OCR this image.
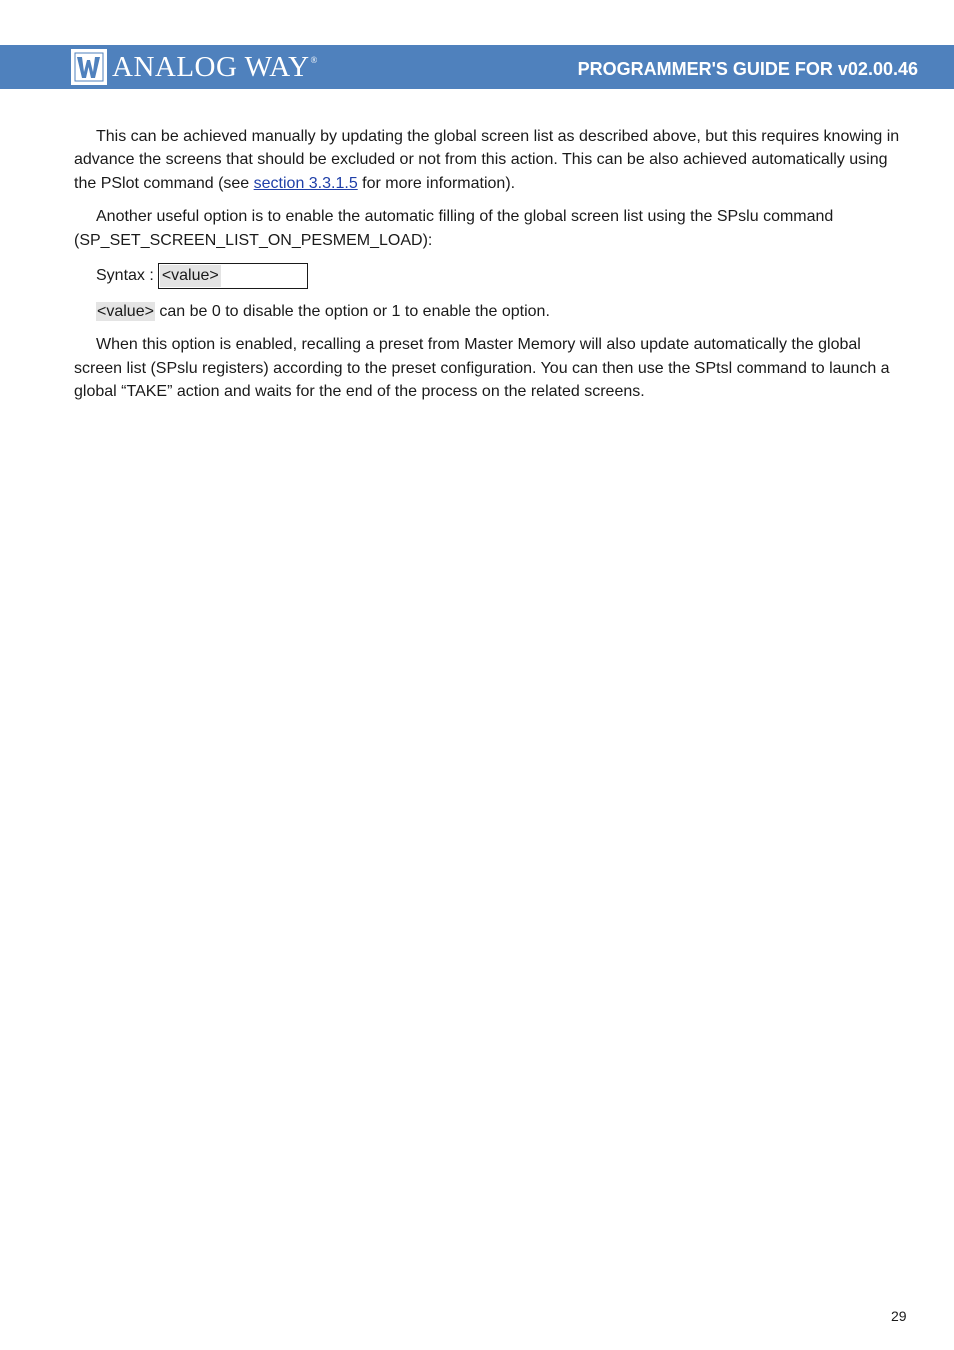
ANALOG WAY ®	PROGRAMMER'S GUIDE FOR v02.00.46

This can be achieved manually by updating the global screen list as described above, but this requires knowing in advance the screens that should be excluded or not from this action. This can be also achieved automatically using the PSlot command (see section 3.3.1.5 for more information).

Another useful option is to enable the automatic filling of the global screen list using the SPslu command (SP_SET_SCREEN_LIST_ON_PESMEM_LOAD):

Syntax : <value>

<value> can be 0 to disable the option or 1 to enable the option.

When this option is enabled, recalling a preset from Master Memory will also update automatically the global screen list (SPslu registers) according to the preset configuration. You can then use the SPtsl command to launch a global “TAKE” action and waits for the end of the process on the related screens.

29
